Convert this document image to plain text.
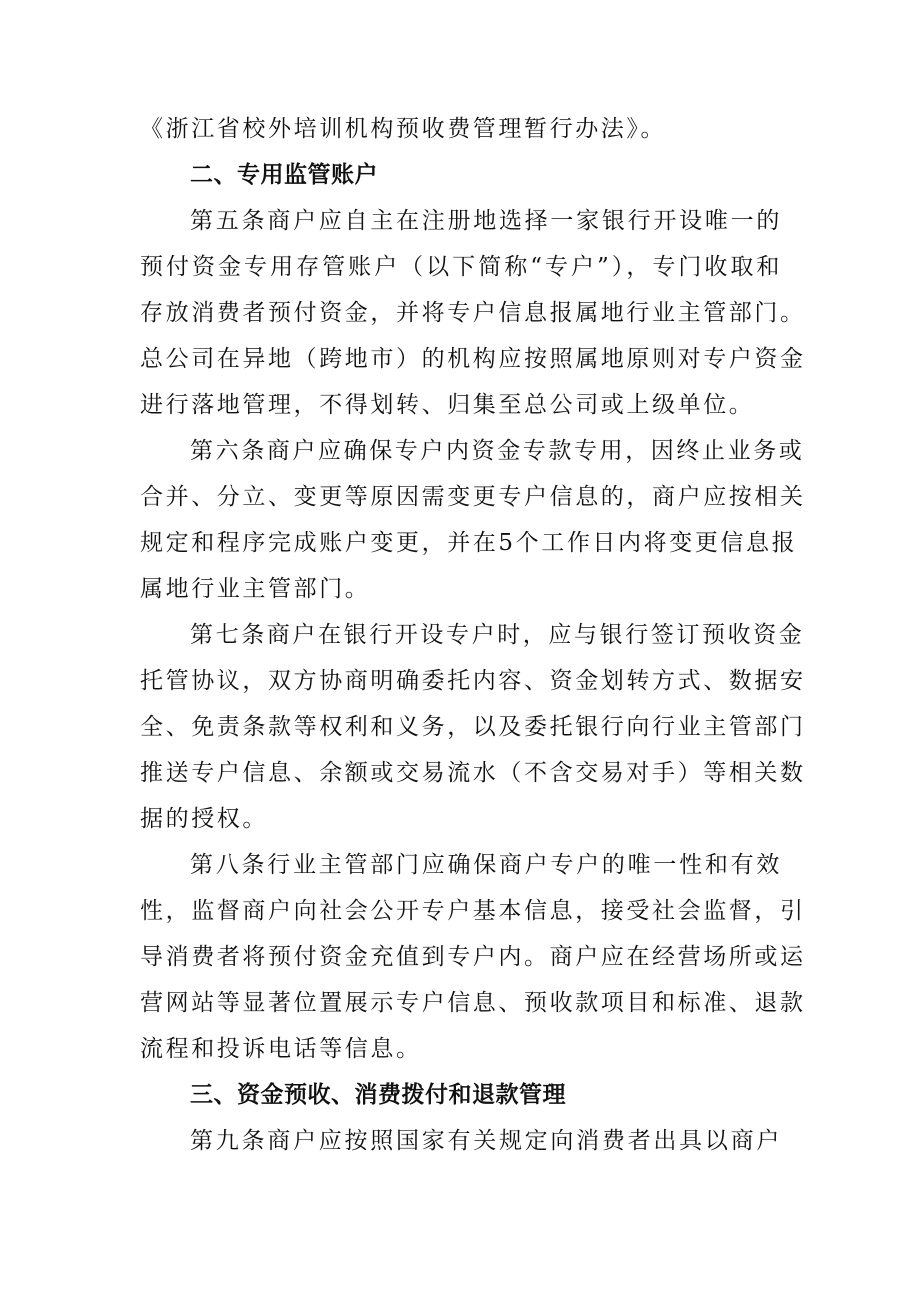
《浙江省校外培训机构预收费管理暂行办法》。
二、专用监管账户
第五条商户应自主在注册地选择一家银行开设唯一的
预付资金专用存管账户（以下简称“专户”），专门收取和
存放消费者预付资金，并将专户信息报属地行业主管部门。
总公司在异地（跨地市）的机构应按照属地原则对专户资金
进行落地管理，不得划转、归集至总公司或上级单位。
第六条商户应确保专户内资金专款专用，因终止业务或
合并、分立、变更等原因需变更专户信息的，商户应按相关
规定和程序完成账户变更，并在5个工作日内将变更信息报
属地行业主管部门。
第七条商户在银行开设专户时，应与银行签订预收资金
托管协议，双方协商明确委托内容、资金划转方式、数据安
全、免责条款等权利和义务，以及委托银行向行业主管部门
推送专户信息、余额或交易流水（不含交易对手）等相关数
据的授权。
第八条行业主管部门应确保商户专户的唯一性和有效
性，监督商户向社会公开专户基本信息，接受社会监督，引
导消费者将预付资金充值到专户内。商户应在经营场所或运
营网站等显著位置展示专户信息、预收款项目和标准、退款
流程和投诉电话等信息。
三、资金预收、消费拨付和退款管理
第九条商户应按照国家有关规定向消费者出具以商户
